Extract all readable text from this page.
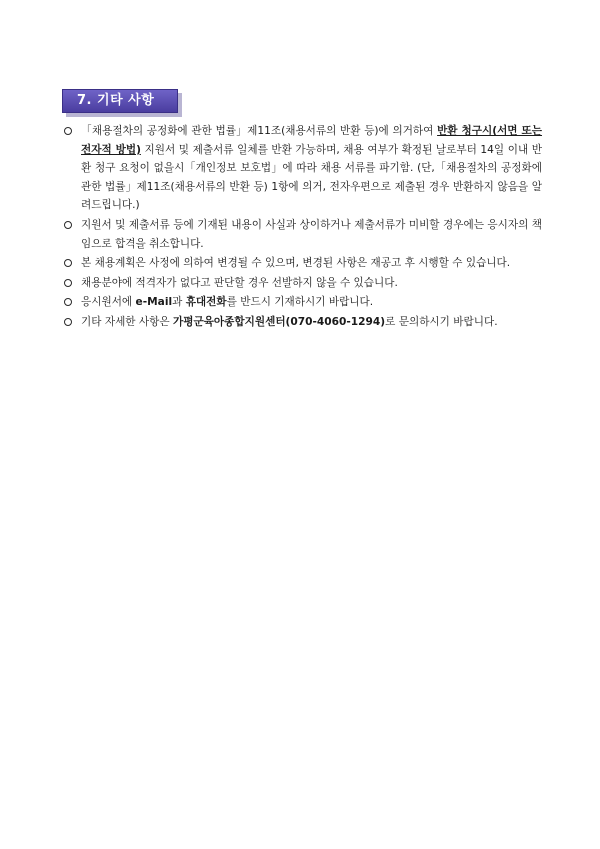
7. 기타 사항
「채용절차의 공정화에 관한 법률」제11조(채용서류의 반환 등)에 의거하여 반환 청구시(서면 또는 전자적 방법) 지원서 및 제출서류 일체를 반환 가능하며, 채용 여부가 확정된 날로부터 14일 이내 반환 청구 요청이 없을시「개인정보 보호법」에 따라 채용 서류를 파기함. (단,「채용절차의 공정화에 관한 법률」제11조(채용서류의 반환 등) 1항에 의거, 전자우편으로 제출된 경우 반환하지 않음을 알려드립니다.)
지원서 및 제출서류 등에 기재된 내용이 사실과 상이하거나 제출서류가 미비할 경우에는 응시자의 책임으로 합격을 취소합니다.
본 채용계획은 사정에 의하여 변경될 수 있으며, 변경된 사항은 재공고 후 시행할 수 있습니다.
채용분야에 적격자가 없다고 판단할 경우 선발하지 않을 수 있습니다.
응시원서에 e-Mail과 휴대전화를 반드시 기재하시기 바랍니다.
기타 자세한 사항은 가평군육아종합지원센터(070-4060-1294)로 문의하시기 바랍니다.
